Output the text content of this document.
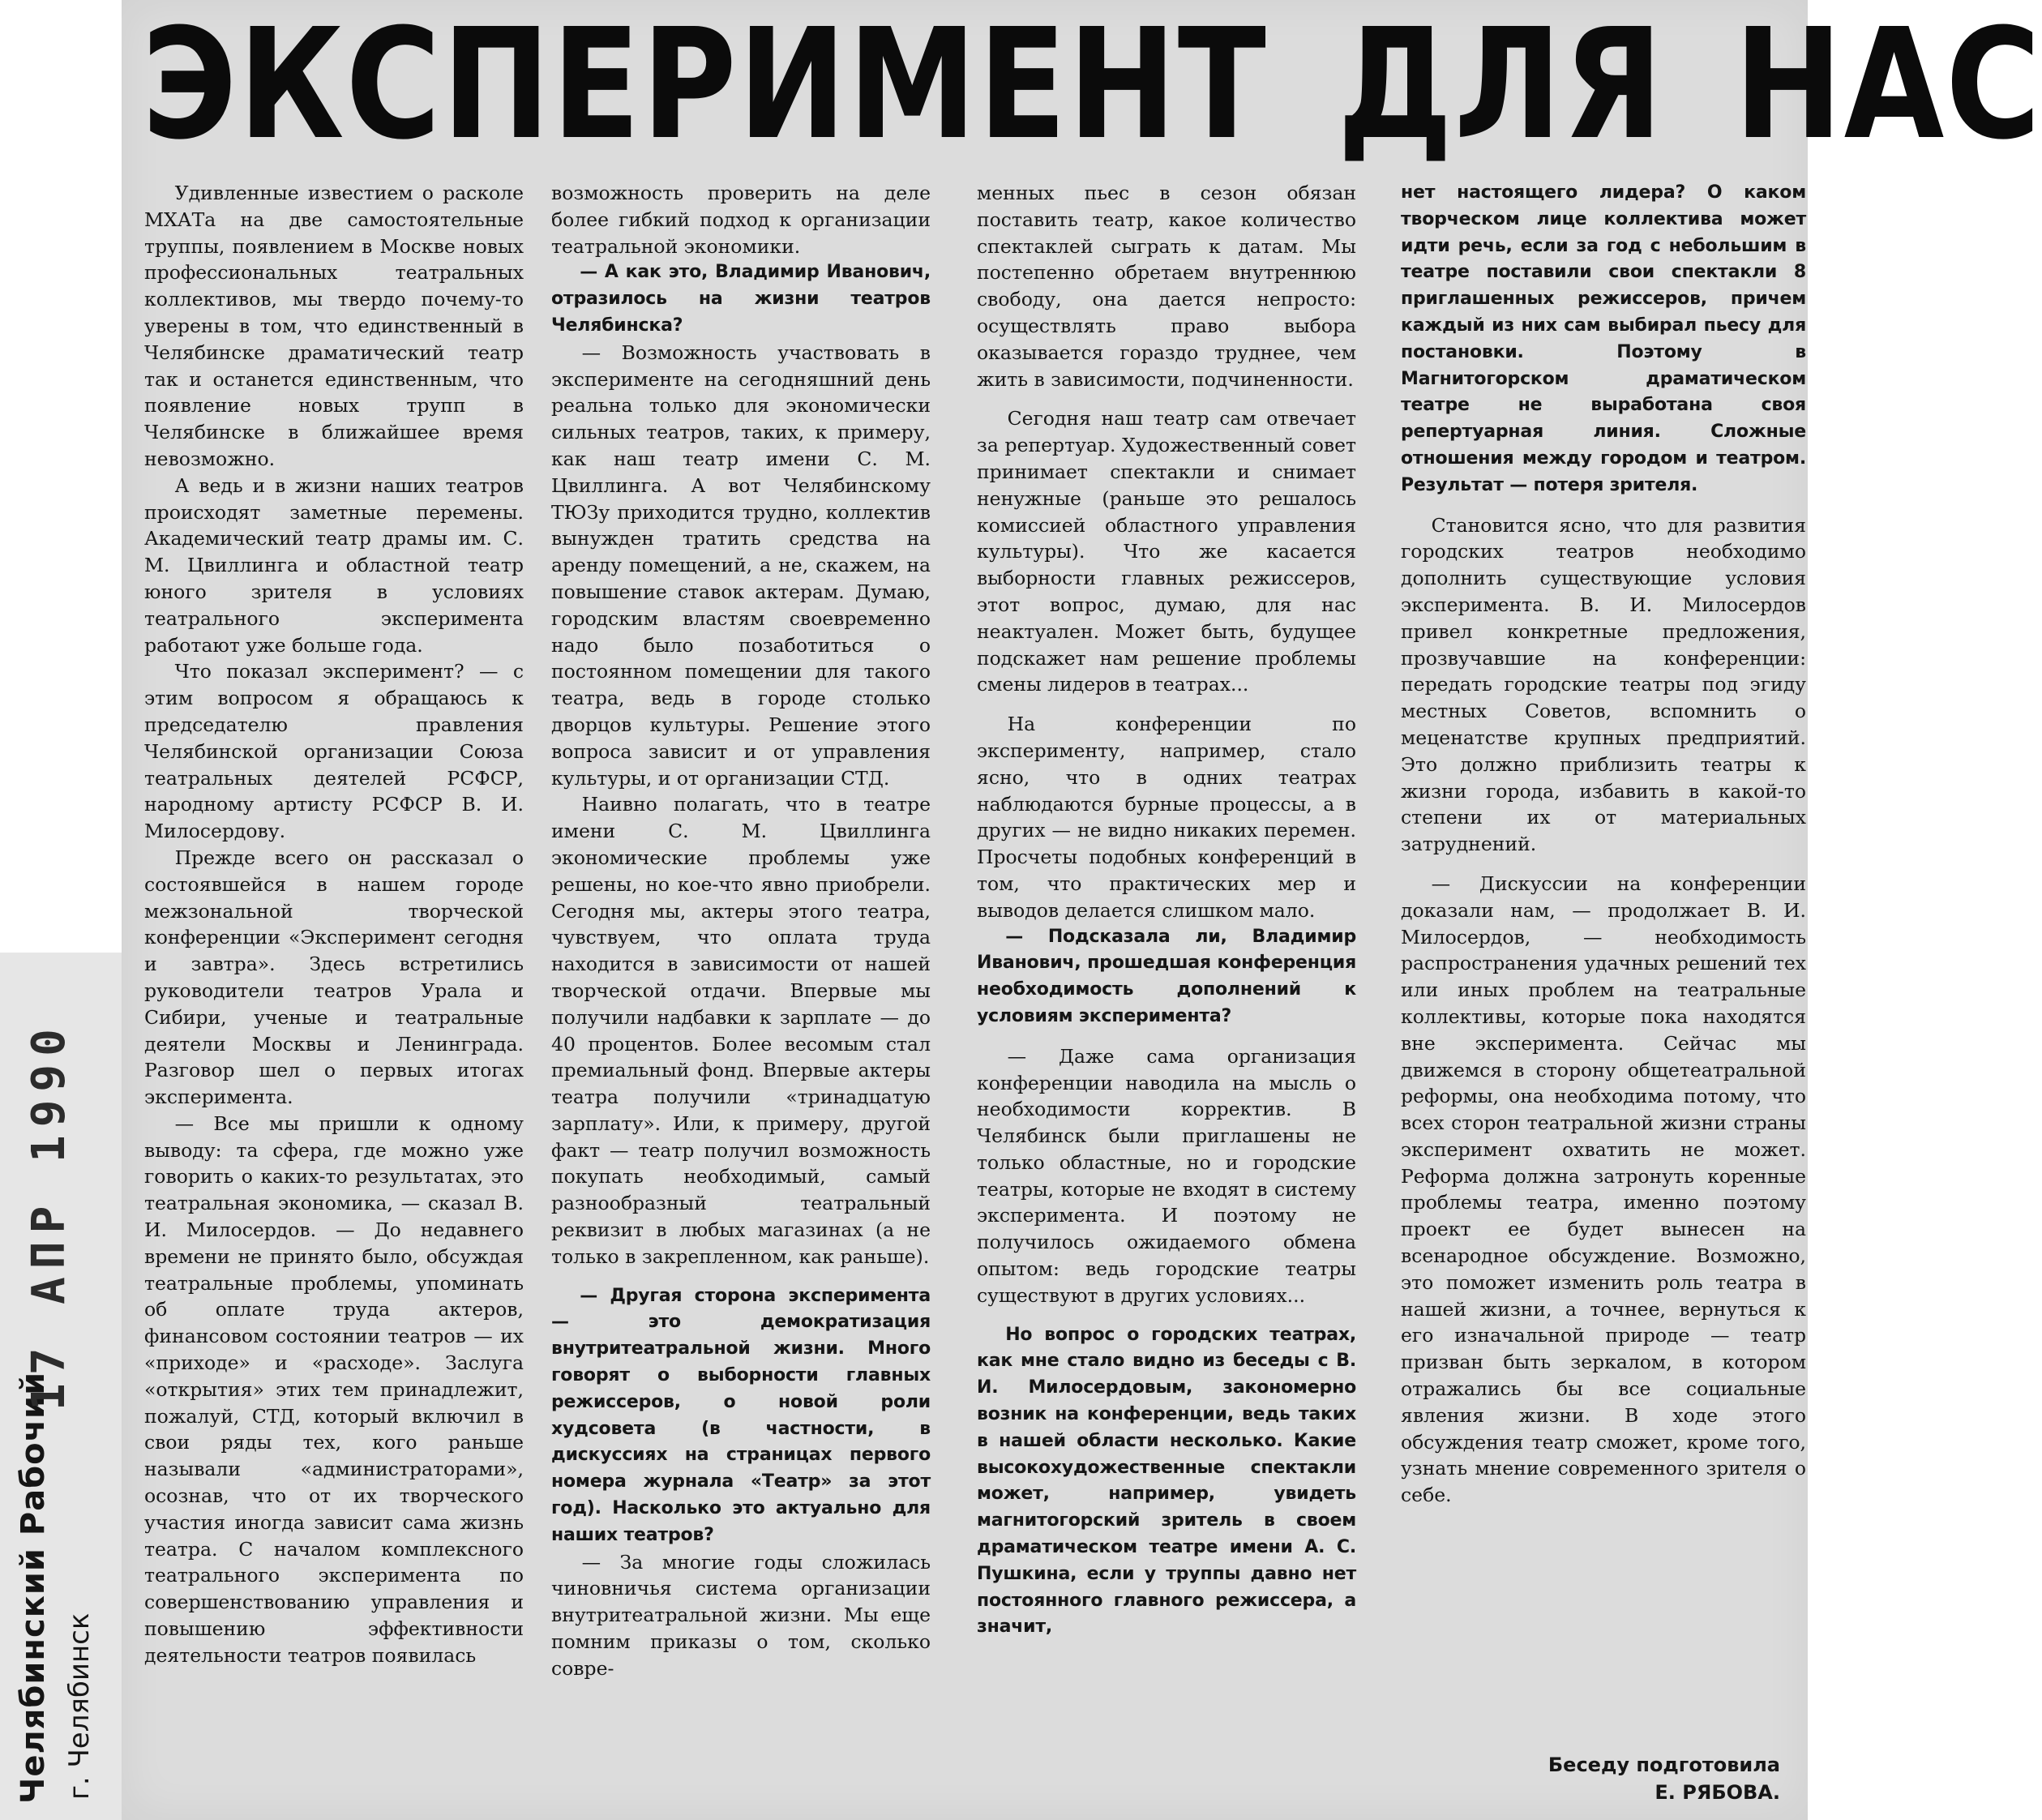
ЭКСПЕРИМЕНТ ДЛЯ НАС

Удивленные известием о расколе МХАТа на две самостоятельные труппы, появлением в Москве новых профессиональных театральных коллективов, мы твердо почему-то уверены в том, что единственный в Челябинске драматический театр так и останется единственным, что появление новых трупп в Челябинске в ближайшее время невозможно.

А ведь и в жизни наших театров происходят заметные перемены. Академический театр драмы им. С. М. Цвиллинга и областной театр юного зрителя в условиях театрального эксперимента работают уже больше года.

Что показал эксперимент? — с этим вопросом я обращаюсь к председателю правления Челябинской организации Союза театральных деятелей РСФСР, народному артисту РСФСР В. И. Милосердову.

Прежде всего он рассказал о состоявшейся в нашем городе межзональной творческой конференции «Эксперимент сегодня и завтра». Здесь встретились руководители театров Урала и Сибири, ученые и театральные деятели Москвы и Ленинграда. Разговор шел о первых итогах эксперимента.

— Все мы пришли к одному выводу: та сфера, где можно уже говорить о каких-то результатах, это театральная экономика, — сказал В. И. Милосердов. — До недавнего времени не принято было, обсуждая театральные проблемы, упоминать об оплате труда актеров, финансовом состоянии театров — их «приходе» и «расходе». Заслуга «открытия» этих тем принадлежит, пожалуй, СТД, который включил в свои ряды тех, кого раньше называли «администраторами», осознав, что от их творческого участия иногда зависит сама жизнь театра. С началом комплексного театрального эксперимента по совершенствованию управления и повышению эффективности деятельности театров появилась

возможность проверить на деле более гибкий подход к организации театральной экономики.

— А как это, Владимир Иванович, отразилось на жизни театров Челябинска?

— Возможность участвовать в эксперименте на сегодняшний день реальна только для экономически сильных театров, таких, к примеру, как наш театр имени С. М. Цвиллинга. А вот Челябинскому ТЮЗу приходится трудно, коллектив вынужден тратить средства на аренду помещений, а не, скажем, на повышение ставок актерам. Думаю, городским властям своевременно надо было позаботиться о постоянном помещении для такого театра, ведь в городе столько дворцов культуры. Решение этого вопроса зависит и от управления культуры, и от организации СТД.

Наивно полагать, что в театре имени С. М. Цвиллинга экономические проблемы уже решены, но кое-что явно приобрели. Сегодня мы, актеры этого театра, чувствуем, что оплата труда находится в зависимости от нашей творческой отдачи. Впервые мы получили надбавки к зарплате — до 40 процентов. Более весомым стал премиальный фонд. Впервые актеры театра получили «тринадцатую зарплату». Или, к примеру, другой факт — театр получил возможность покупать необходимый, самый разнообразный театральный реквизит в любых магазинах (а не только в закрепленном, как раньше).

— Другая сторона эксперимента — это демократизация внутритеатральной жизни. Много говорят о выборности главных режиссеров, о новой роли худсовета (в частности, в дискуссиях на страницах первого номера журнала «Театр» за этот год). Насколько это актуально для наших театров?

— За многие годы сложилась чиновничья система организации внутритеатральной жизни. Мы еще помним приказы о том, сколько совре-

менных пьес в сезон обязан поставить театр, какое количество спектаклей сыграть к датам. Мы постепенно обретаем внутреннюю свободу, она дается непросто: осуществлять право выбора оказывается гораздо труднее, чем жить в зависимости, подчиненности.

Сегодня наш театр сам отвечает за репертуар. Художественный совет принимает спектакли и снимает ненужные (раньше это решалось комиссией областного управления культуры). Что же касается выборности главных режиссеров, этот вопрос, думаю, для нас неактуален. Может быть, будущее подскажет нам решение проблемы смены лидеров в театрах...

На конференции по эксперименту, например, стало ясно, что в одних театрах наблюдаются бурные процессы, а в других — не видно никаких перемен. Просчеты подобных конференций в том, что практических мер и выводов делается слишком мало.

— Подсказала ли, Владимир Иванович, прошедшая конференция необходимость дополнений к условиям эксперимента?

— Даже сама организация конференции наводила на мысль о необходимости корректив. В Челябинск были приглашены не только областные, но и городские театры, которые не входят в систему эксперимента. И поэтому не получилось ожидаемого обмена опытом: ведь городские театры существуют в других условиях...

Но вопрос о городских театрах, как мне стало видно из беседы с В. И. Милосердовым, закономерно возник на конференции, ведь таких в нашей области несколько. Какие высокохудожественные спектакли может, например, увидеть магнитогорский зритель в своем драматическом театре имени А. С. Пушкина, если у труппы давно нет постоянного главного режиссера, а значит,

нет настоящего лидера? О каком творческом лице коллектива может идти речь, если за год с небольшим в театре поставили свои спектакли 8 приглашенных режиссеров, причем каждый из них сам выбирал пьесу для постановки. Поэтому в Магнитогорском драматическом театре не выработана своя репертуарная линия. Сложные отношения между городом и театром. Результат — потеря зрителя.

Становится ясно, что для развития городских театров необходимо дополнить существующие условия эксперимента. В. И. Милосердов привел конкретные предложения, прозвучавшие на конференции: передать городские театры под эгиду местных Советов, вспомнить о меценатстве крупных предприятий. Это должно приблизить театры к жизни города, избавить в какой-то степени их от материальных затруднений.

— Дискуссии на конференции доказали нам, — продолжает В. И. Милосердов, — необходимость распространения удачных решений тех или иных проблем на театральные коллективы, которые пока находятся вне эксперимента. Сейчас мы движемся в сторону общетеатральной реформы, она необходима потому, что всех сторон театральной жизни страны эксперимент охватить не может. Реформа должна затронуть коренные проблемы театра, именно поэтому проект ее будет вынесен на всенародное обсуждение. Возможно, это поможет изменить роль театра в нашей жизни, а точнее, вернуться к его изначальной природе — театр призван быть зеркалом, в котором отражались бы все социальные явления жизни. В ходе этого обсуждения театр сможет, кроме того, узнать мнение современного зрителя о себе.

Беседу подготовила
Е. РЯБОВА.
Челябинский Рабочий г. Челябинск
17 АПР 1990
